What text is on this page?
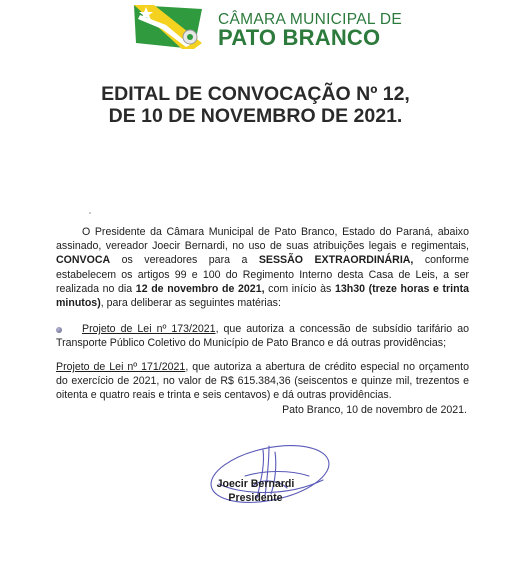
CÂMARA MUNICIPAL DE
PATO BRANCO
EDITAL DE CONVOCAÇÃO Nº 12,
DE 10 DE NOVEMBRO DE 2021.
O Presidente da Câmara Municipal de Pato Branco, Estado do Paraná, abaixo assinado, vereador Joecir Bernardi, no uso de suas atribuições legais e regimentais, CONVOCA os vereadores para a SESSÃO EXTRAORDINÁRIA, conforme estabelecem os artigos 99 e 100 do Regimento Interno desta Casa de Leis, a ser realizada no dia 12 de novembro de 2021, com início às 13h30 (treze horas e trinta minutos), para deliberar as seguintes matérias:
Projeto de Lei nº 173/2021, que autoriza a concessão de subsídio tarifário ao Transporte Público Coletivo do Município de Pato Branco e dá outras providências;
Projeto de Lei nº 171/2021, que autoriza a abertura de crédito especial no orçamento do exercício de 2021, no valor de R$ 615.384,36 (seiscentos e quinze mil, trezentos e oitenta e quatro reais e trinta e seis centavos) e dá outras providências.
Pato Branco, 10 de novembro de 2021.
Joecir Bernardi
Presidente
